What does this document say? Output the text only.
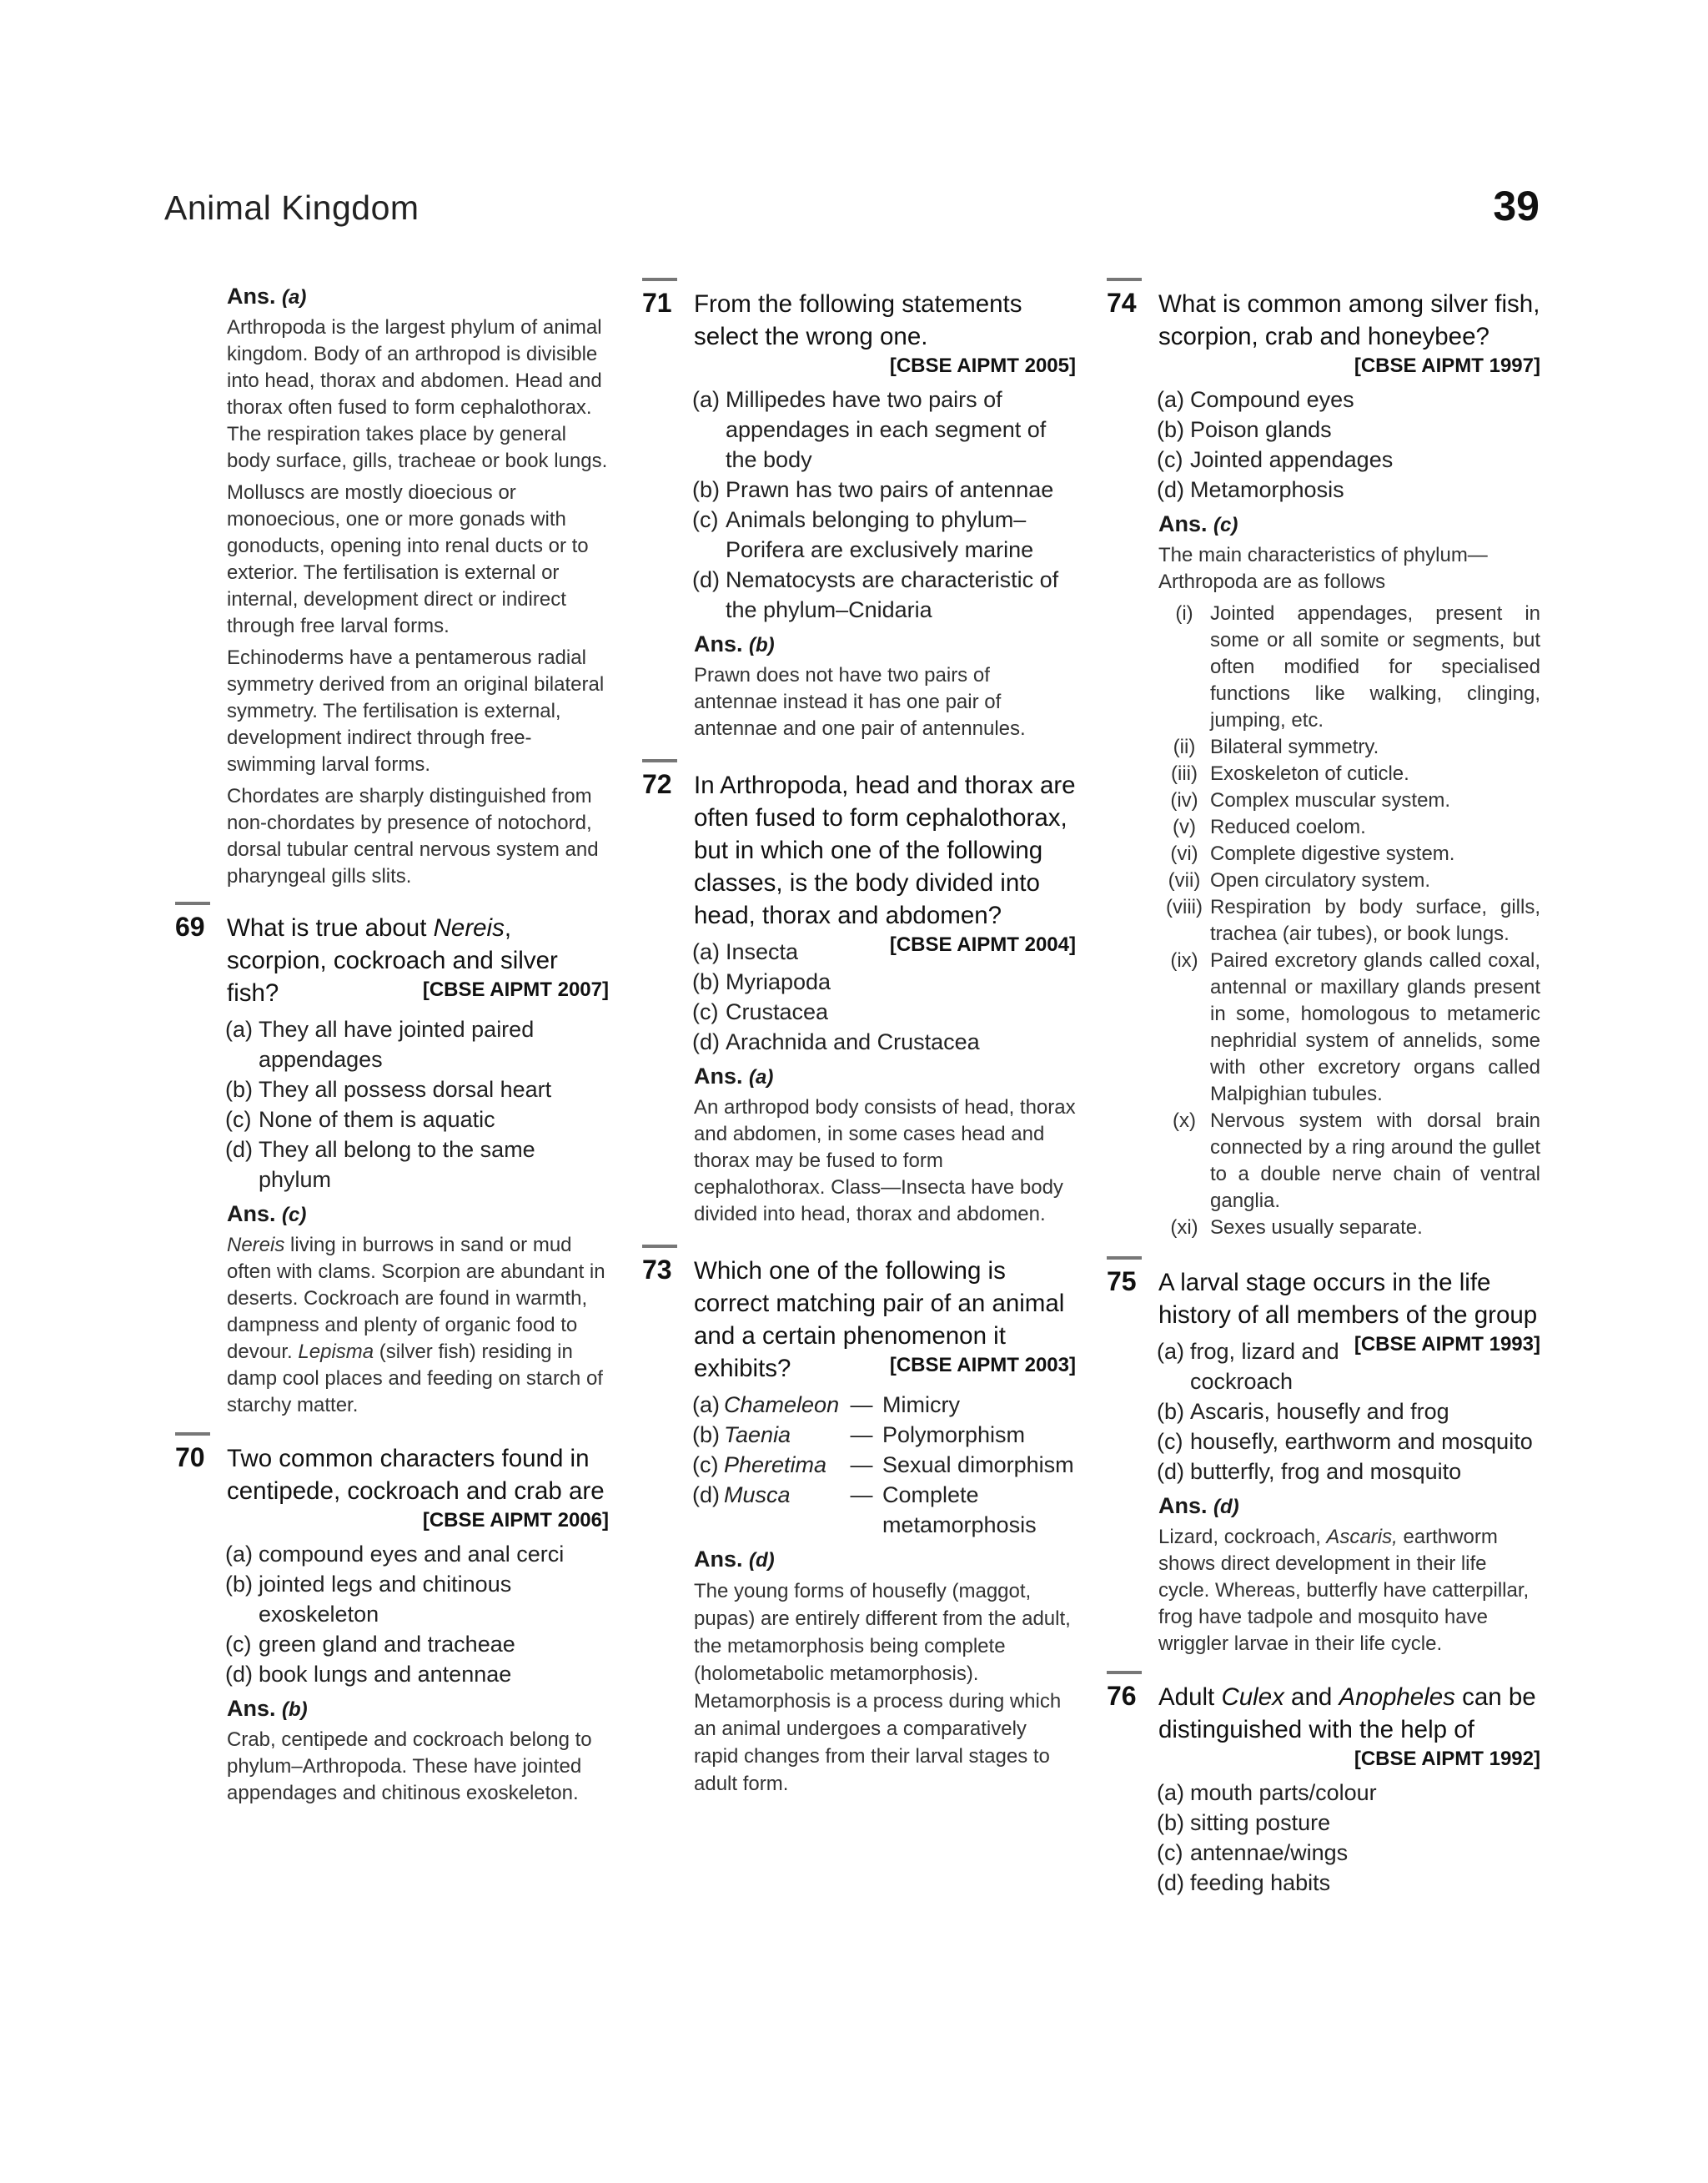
Animal Kingdom	39
Ans. (a)

Arthropoda is the largest phylum of animal kingdom. Body of an arthropod is divisible into head, thorax and abdomen. Head and thorax often fused to form cephalothorax. The respiration takes place by general body surface, gills, tracheae or book lungs.

Molluscs are mostly dioecious or monoecious, one or more gonads with gonoducts, opening into renal ducts or to exterior. The fertilisation is external or internal, development direct or indirect through free larval forms.

Echinoderms have a pentamerous radial symmetry derived from an original bilateral symmetry. The fertilisation is external, development indirect through free-swimming larval forms.

Chordates are sharply distinguished from non-chordates by presence of notochord, dorsal tubular central nervous system and pharyngeal gills slits.

69 What is true about Nereis, scorpion, cockroach and silver fish?	[CBSE AIPMT 2007]
(a) They all have jointed paired appendages
(b) They all possess dorsal heart
(c) None of them is aquatic
(d) They all belong to the same phylum
Ans. (c)

Nereis living in burrows in sand or mud often with clams. Scorpion are abundant in deserts. Cockroach are found in warmth, dampness and plenty of organic food to devour. Lepisma (silver fish) residing in damp cool places and feeding on starch of starchy matter.

70 Two common characters found in centipede, cockroach and crab are
[CBSE AIPMT 2006]
(a) compound eyes and anal cerci
(b) jointed legs and chitinous exoskeleton
(c) green gland and tracheae
(d) book lungs and antennae
Ans. (b)

Crab, centipede and cockroach belong to phylum–Arthropoda. These have jointed appendages and chitinous exoskeleton.

71 From the following statements select the wrong one.
[CBSE AIPMT 2005]
(a) Millipedes have two pairs of appendages in each segment of the body
(b) Prawn has two pairs of antennae
(c) Animals belonging to phylum–Porifera are exclusively marine
(d) Nematocysts are characteristic of the phylum–Cnidaria
Ans. (b)

Prawn does not have two pairs of antennae instead it has one pair of antennae and one pair of antennules.

72 In Arthropoda, head and thorax are often fused to form cephalothorax, but in which one of the following classes, is the body divided into head, thorax and abdomen?
[CBSE AIPMT 2004]
(a) Insecta
(b) Myriapoda
(c) Crustacea
(d) Arachnida and Crustacea
Ans. (a)

An arthropod body consists of head, thorax and abdomen, in some cases head and thorax may be fused to form cephalothorax. Class—Insecta have body divided into head, thorax and abdomen.

73 Which one of the following is correct matching pair of an animal and a certain phenomenon it exhibits?	[CBSE AIPMT 2003]
(a) Chameleon — Mimicry
(b) Taenia	— Polymorphism
(c) Pheretima	— Sexual dimorphism
(d) Musca	— Complete metamorphosis
Ans. (d)

The young forms of housefly (maggot, pupas) are entirely different from the adult, the metamorphosis being complete (holometabolic metamorphosis). Metamorphosis is a process during which an animal undergoes a comparatively rapid changes from their larval stages to adult form.

74 What is common among silver fish, scorpion, crab and honeybee?
[CBSE AIPMT 1997]
(a) Compound eyes
(b) Poison glands
(c) Jointed appendages
(d) Metamorphosis
Ans. (c)

The main characteristics of phylum—Arthropoda are as follows

(i) Jointed appendages, present in some or all somite or segments, but often modified for specialised functions like walking, clinging, jumping, etc.
(ii) Bilateral symmetry.
(iii) Exoskeleton of cuticle.
(iv) Complex muscular system.
(v) Reduced coelom.
(vi) Complete digestive system.
(vii) Open circulatory system.
(viii) Respiration by body surface, gills, trachea (air tubes), or book lungs.
(ix) Paired excretory glands called coxal, antennal or maxillary glands present in some, homologous to metameric nephridial system of annelids, some with other excretory organs called Malpighian tubules.
(x) Nervous system with dorsal brain connected by a ring around the gullet to a double nerve chain of ventral ganglia.
(xi) Sexes usually separate.
75 A larval stage occurs in the life history of all members of the group
[CBSE AIPMT 1993]
(a) frog, lizard and cockroach
(b) Ascaris, housefly and frog
(c) housefly, earthworm and mosquito
(d) butterfly, frog and mosquito
Ans. (d)

Lizard, cockroach, Ascaris, earthworm shows direct development in their life cycle. Whereas, butterfly have catterpillar, frog have tadpole and mosquito have wriggler larvae in their life cycle.

76 Adult Culex and Anopheles can be distinguished with the help of
[CBSE AIPMT 1992]
(a) mouth parts/colour
(b) sitting posture
(c) antennae/wings
(d) feeding habits
